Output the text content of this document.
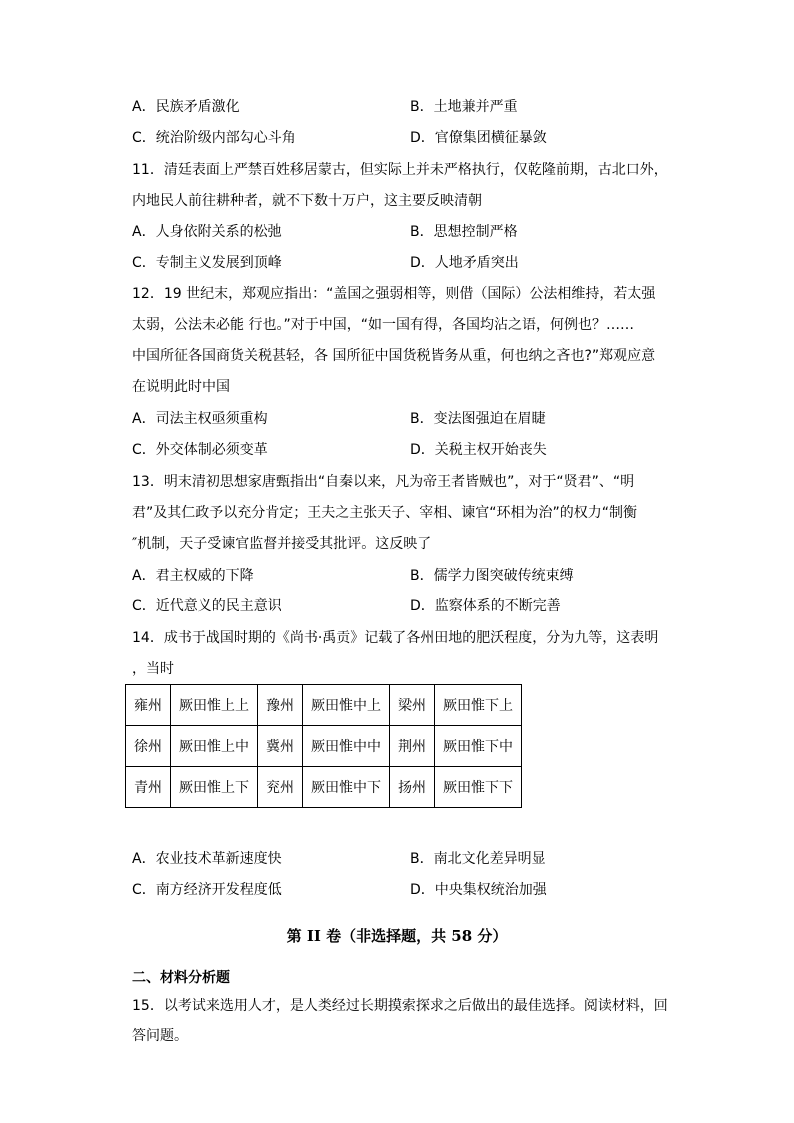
A．民族矛盾激化	B．土地兼并严重
C．统治阶级内部勾心斗角	D．官僚集团横征暴敛
11．清廷表面上严禁百姓移居蒙古，但实际上并未严格执行，仅乾隆前期，古北口外，
内地民人前往耕种者，就不下数十万户，这主要反映清朝
A．人身依附关系的松弛	B．思想控制严格
C．专制主义发展到顶峰	D．人地矛盾突出
12．19 世纪末，郑观应指出：“盖国之强弱相等，则借（国际）公法相维持，若太强
太弱，公法未必能 行也。”对于中国，“如一国有得，各国均沾之语，何例也？……
中国所征各国商货关税甚轻，各 国所征中国货税皆务从重，何也纳之吝也?”郑观应意
在说明此时中国
A．司法主权亟须重构	B．变法图强迫在眉睫
C．外交体制必须变革	D．关税主权开始丧失
13．明末清初思想家唐甄指出“自秦以来，凡为帝王者皆贼也”，对于“贤君”、“明
君”及其仁政予以充分肯定；王夫之主张天子、宰相、谏官“环相为治”的权力“制衡
″机制，天子受谏官监督并接受其批评。这反映了
A．君主权威的下降	B．儒学力图突破传统束缚
C．近代意义的民主意识	D．监察体系的不断完善
14．成书于战国时期的《尚书·禹贡》记载了各州田地的肥沃程度，分为九等，这表明
，当时
雍州	厥田惟上上	豫州	厥田惟中上	梁州	厥田惟下上
徐州	厥田惟上中	冀州	厥田惟中中	荆州	厥田惟下中
青州	厥田惟上下	兖州	厥田惟中下	扬州	厥田惟下下
A．农业技术革新速度快	B．南北文化差异明显
C．南方经济开发程度低	D．中央集权统治加强
第 II 卷（非选择题，共 58 分）
二、材料分析题
15．以考试来选用人才，是人类经过长期摸索探求之后做出的最佳选择。阅读材料，回
答问题。
